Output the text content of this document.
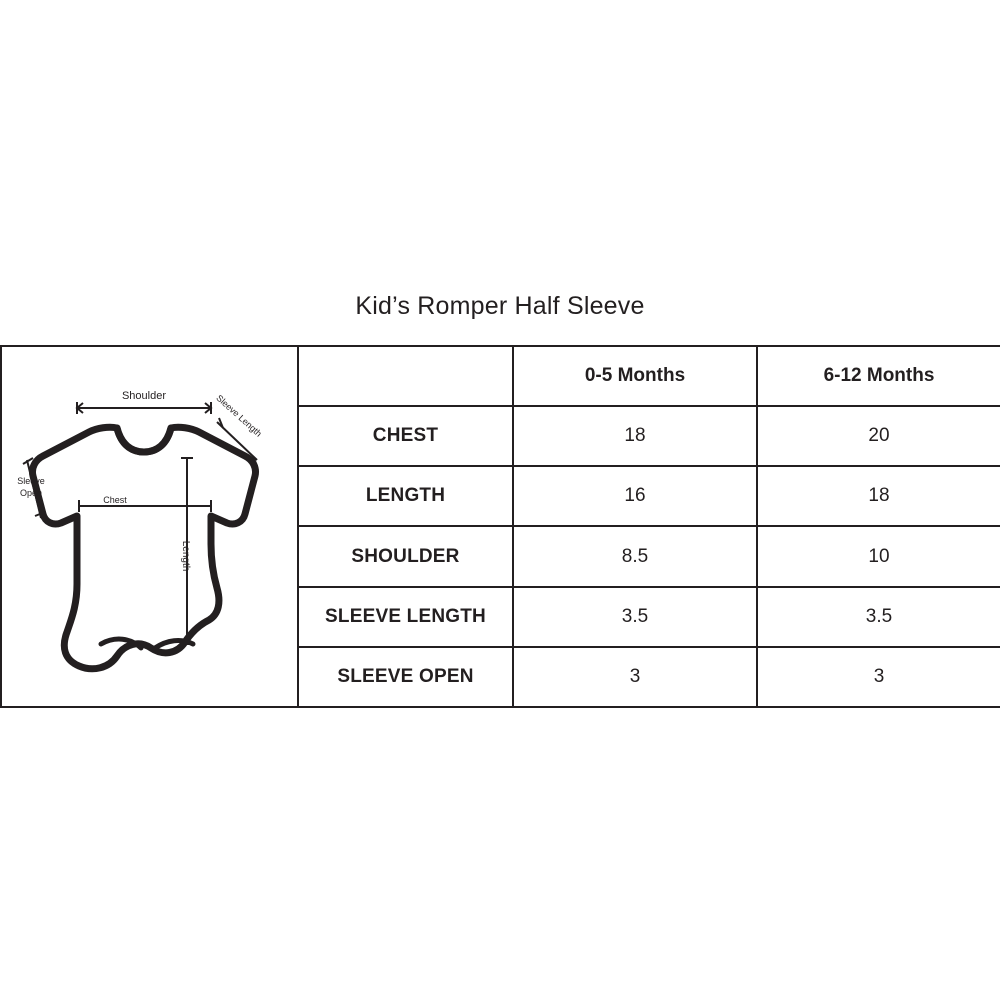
Kid’s Romper Half Sleeve
Shoulder	Sleeve Length
Sleeve
Open
Chest
Length
		0-5 Months	6-12 Months
	CHEST	18	20
	LENGTH	16	18
	SHOULDER	8.5	10
	SLEEVE LENGTH	3.5	3.5
	SLEEVE OPEN	3	3
